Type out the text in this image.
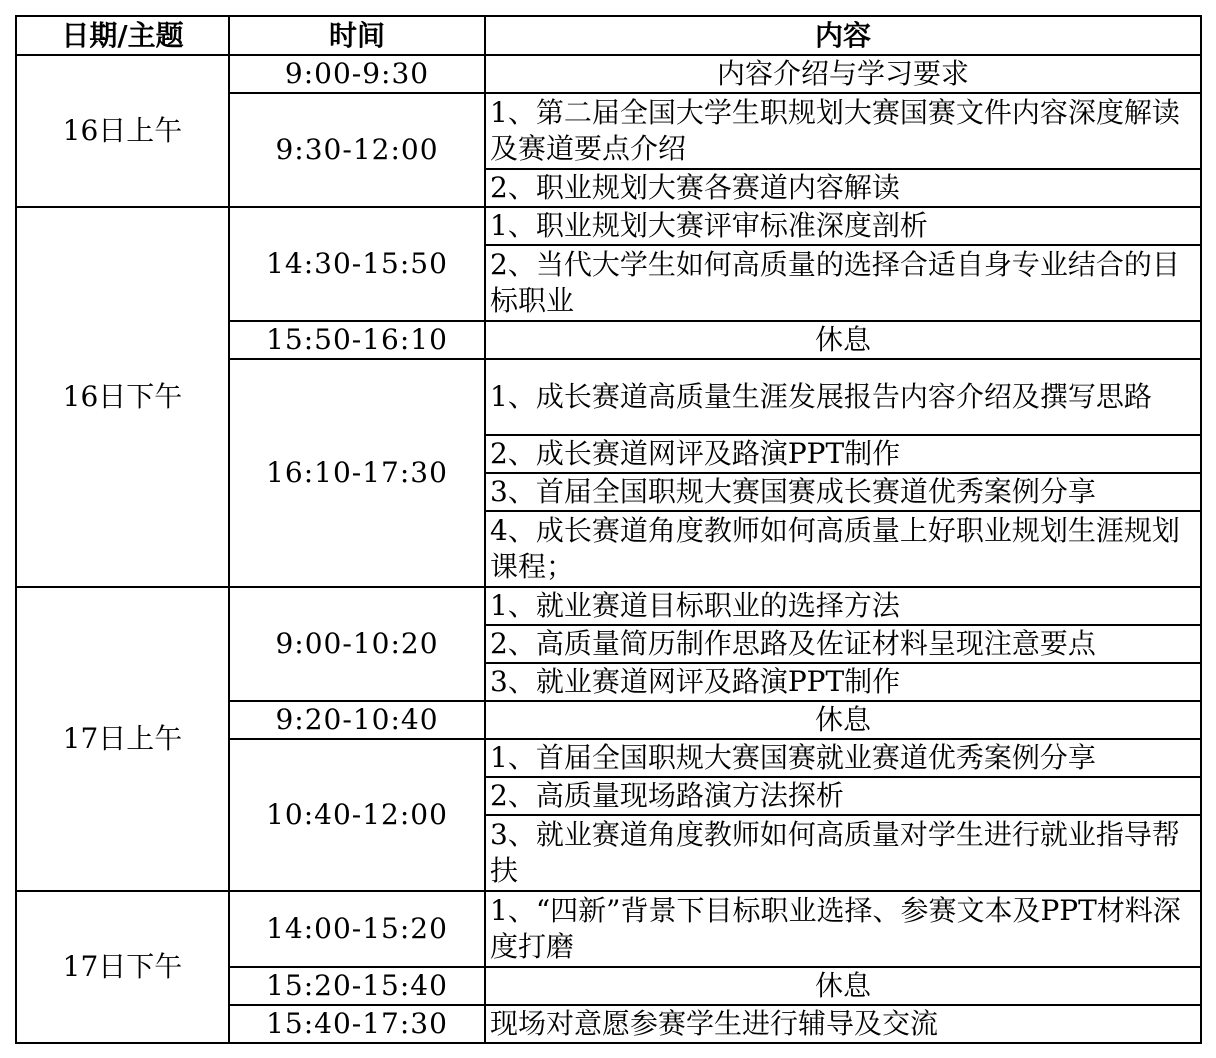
日期/主题	时间	内容
16日上午	9:00-9:30	内容介绍与学习要求
	9:30-12:00	1、第二届全国大学生职规划大赛国赛文件内容深度解读及赛道要点介绍
		2、职业规划大赛各赛道内容解读
16日下午	14:30-15:50	1、职业规划大赛评审标准深度剖析
		2、当代大学生如何高质量的选择合适自身专业结合的目标职业
	15:50-16:10	休息
	16:10-17:30	1、成长赛道高质量生涯发展报告内容介绍及撰写思路
		2、成长赛道网评及路演PPT制作
		3、首届全国职规大赛国赛成长赛道优秀案例分享
		4、成长赛道角度教师如何高质量上好职业规划生涯规划课程；
17日上午	9:00-10:20	1、就业赛道目标职业的选择方法
		2、高质量简历制作思路及佐证材料呈现注意要点
		3、就业赛道网评及路演PPT制作
	9:20-10:40	休息
	10:40-12:00	1、首届全国职规大赛国赛就业赛道优秀案例分享
		2、高质量现场路演方法探析
		3、就业赛道角度教师如何高质量对学生进行就业指导帮扶
17日下午	14:00-15:20	1、“四新”背景下目标职业选择、参赛文本及PPT材料深度打磨
	15:20-15:40	休息
	15:40-17:30	现场对意愿参赛学生进行辅导及交流
